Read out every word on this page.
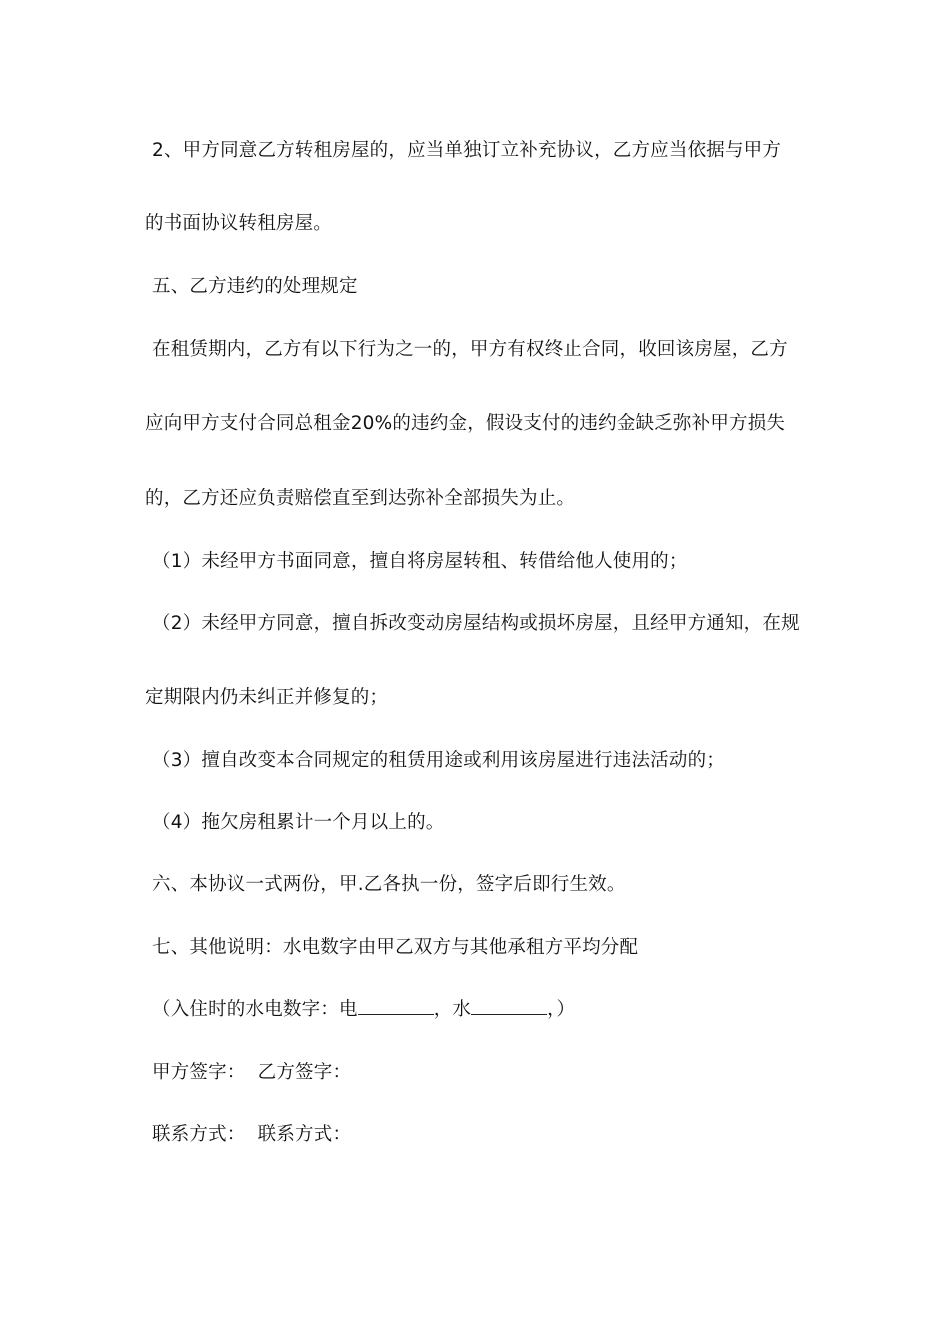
2、甲方同意乙方转租房屋的，应当单独订立补充协议，乙方应当依据与甲方
的书面协议转租房屋。
五、乙方违约的处理规定
在租赁期内，乙方有以下行为之一的，甲方有权终止合同，收回该房屋，乙方
应向甲方支付合同总租金20%的违约金，假设支付的违约金缺乏弥补甲方损失
的，乙方还应负责赔偿直至到达弥补全部损失为止。
（1）未经甲方书面同意，擅自将房屋转租、转借给他人使用的；
（2）未经甲方同意，擅自拆改变动房屋结构或损坏房屋，且经甲方通知，在规
定期限内仍未纠正并修复的；
（3）擅自改变本合同规定的租赁用途或利用该房屋进行违法活动的；
（4）拖欠房租累计一个月以上的。
六、本协议一式两份，甲.乙各执一份，签字后即行生效。
七、其他说明：水电数字由甲乙双方与其他承租方平均分配
（入住时的水电数字：电	，水	，）
甲方签字：  乙方签字：
联系方式：  联系方式：
